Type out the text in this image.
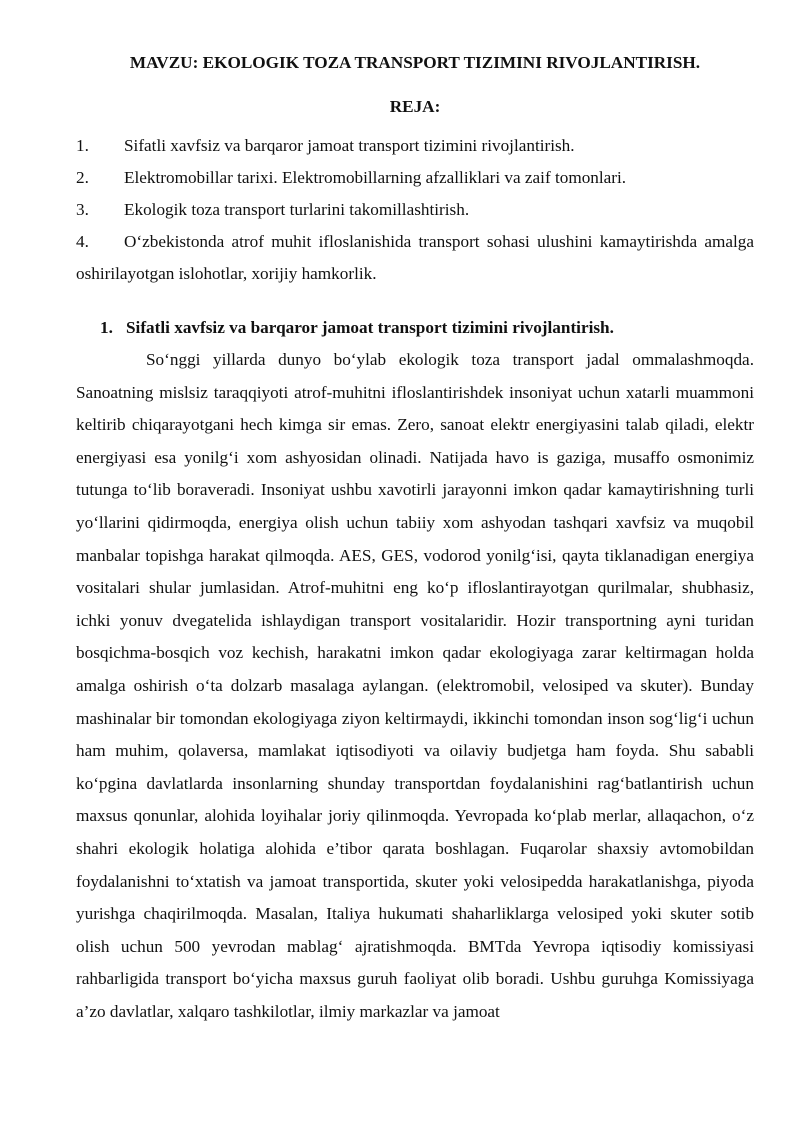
MAVZU: EKOLOGIK TOZA TRANSPORT TIZIMINI RIVOJLANTIRISH.
REJA:
1. Sifatli xavfsiz va barqaror jamoat transport tizimini rivojlantirish.
2. Elektromobillar tarixi. Elektromobillarning afzalliklari va zaif tomonlari.
3. Ekologik toza transport turlarini takomillashtirish.
4. O‘zbekistonda atrof muhit ifloslanishida transport sohasi ulushini kamaytirishda amalga oshirilayotgan islohotlar, xorijiy hamkorlik.
1. Sifatli xavfsiz va barqaror jamoat transport tizimini rivojlantirish.

So‘nggi yillarda dunyo bo‘ylab ekologik toza transport jadal ommalashmoqda. Sanoatning mislsiz taraqqiyoti atrof-muhitni ifloslantirishdek insoniyat uchun xatarli muammoni keltirib chiqarayotgani hech kimga sir emas. Zero, sanoat elektr energiyasini talab qiladi, elektr energiyasi esa yonilg‘i xom ashyosidan olinadi. Natijada havo is gaziga, musaffo osmonimiz tutunga to‘lib boraveradi. Insoniyat ushbu xavotirli jarayonni imkon qadar kamaytirishning turli yo‘llarini qidirmoqda, energiya olish uchun tabiiy xom ashyodan tashqari xavfsiz va muqobil manbalar topishga harakat qilmoqda. AES, GES, vodorod yonilg‘isi, qayta tiklanadigan energiya vositalari shular jumlasidan. Atrof-muhitni eng ko‘p ifloslantirayotgan qurilmalar, shubhasiz, ichki yonuv dvegatelida ishlaydigan transport vositalaridir. Hozir transportning ayni turidan bosqichma-bosqich voz kechish, harakatni imkon qadar ekologiyaga zarar keltirmagan holda amalga oshirish o‘ta dolzarb masalaga aylangan. (elektromobil, velosiped va skuter). Bunday mashinalar bir tomondan ekologiyaga ziyon keltirmaydi, ikkinchi tomondan inson sog‘lig‘i uchun ham muhim, qolaversa, mamlakat iqtisodiyoti va oilaviy budjetga ham foyda. Shu sababli ko‘pgina davlatlarda insonlarning shunday transportdan foydalanishini rag‘batlantirish uchun maxsus qonunlar, alohida loyihalar joriy qilinmoqda. Yevropada ko‘plab merlar, allaqachon, o‘z shahri ekologik holatiga alohida e’tibor qarata boshlagan. Fuqarolar shaxsiy avtomobildan foydalanishni to‘xtatish va jamoat transportida, skuter yoki velosipedda harakatlanishga, piyoda yurishga chaqirilmoqda. Masalan, Italiya hukumati shaharliklarga velosiped yoki skuter sotib olish uchun 500 yevrodan mablag‘ ajratishmoqda. BMTda Yevropa iqtisodiy komissiyasi rahbarligida transport bo‘yicha maxsus guruh faoliyat olib boradi. Ushbu guruhga Komissiyaga a’zo davlatlar, xalqaro tashkilotlar, ilmiy markazlar va jamoat
